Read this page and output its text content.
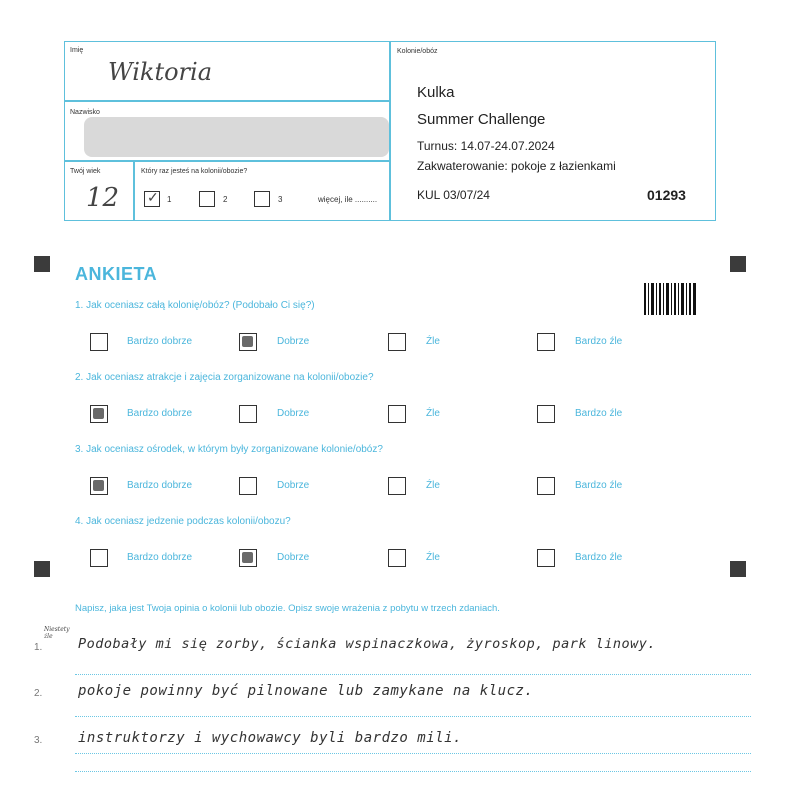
Imię
Wiktoria
Nazwisko
Twój wiek
12
Który raz jesteś na kolonii/obozie?
✓
1	2	3	więcej, ile ..........
Kolonie/obóz
Kulka
Summer Challenge
Turnus: 14.07-24.07.2024
Zakwaterowanie: pokoje z łazienkami
KUL 03/07/24	01293
ANKIETA
1. Jak oceniasz całą kolonię/obóz? (Podobało Ci się?)
Bardzo dobrze	Dobrze	Źle	Bardzo źle
2. Jak oceniasz atrakcje i zajęcia zorganizowane na kolonii/obozie?
Bardzo dobrze	Dobrze	Źle	Bardzo źle
3. Jak oceniasz ośrodek, w którym były zorganizowane kolonie/obóz?
Bardzo dobrze	Dobrze	Źle	Bardzo źle
4. Jak oceniasz jedzenie podczas kolonii/obozu?
Bardzo dobrze	Dobrze	Źle	Bardzo źle
Napisz, jaka jest Twoja opinia o kolonii lub obozie. Opisz swoje wrażenia z pobytu w trzech zdaniach.
Niestety
żle
1.	Podobały mi się zorby, ścianka wspinaczkowa, żyroskop, park linowy.
2.	pokoje powinny być pilnowane lub zamykane na klucz.
3.	instruktorzy i wychowawcy byli bardzo mili.
